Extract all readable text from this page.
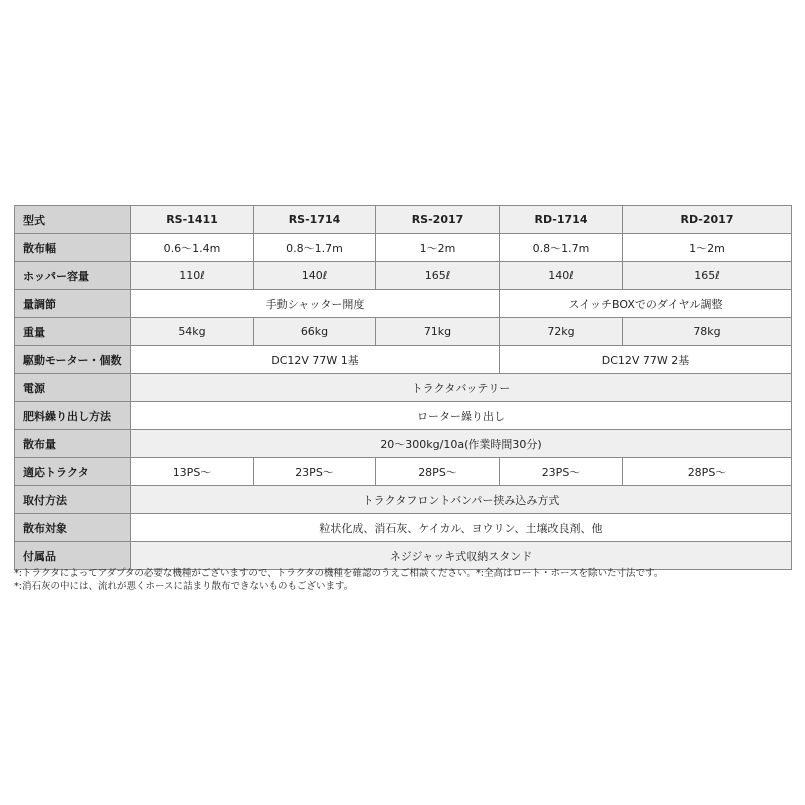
型式	RS-1411	RS-1714	RS-2017	RD-1714	RD-2017
散布幅	0.6～1.4m	0.8～1.7m	1～2m	0.8～1.7m	1～2m
ホッパー容量	110ℓ	140ℓ	165ℓ	140ℓ	165ℓ
量調節	手動シャッター開度			スイッチBOXでのダイヤル調整	
重量	54kg	66kg	71kg	72kg	78kg
駆動モーター・個数	DC12V 77W 1基			DC12V 77W 2基	
電源	トラクタバッテリー				
肥料繰り出し方法	ローター繰り出し				
散布量	20～300kg/10a(作業時間30分)				
適応トラクタ	13PS～	23PS～	28PS～	23PS～	28PS～
取付方法	トラクタフロントバンパー挟み込み方式				
散布対象	粒状化成、消石灰、ケイカル、ヨウリン、土壌改良剤、他				
付属品	ネジジャッキ式収納スタンド				
*:トラクタによってアダプタの必要な機種がございますので、トラクタの機種を確認のうえご相談ください。*:全高はロート・ホースを除いた寸法です。
*:消石灰の中には、流れが悪くホースに詰まり散布できないものもございます。
